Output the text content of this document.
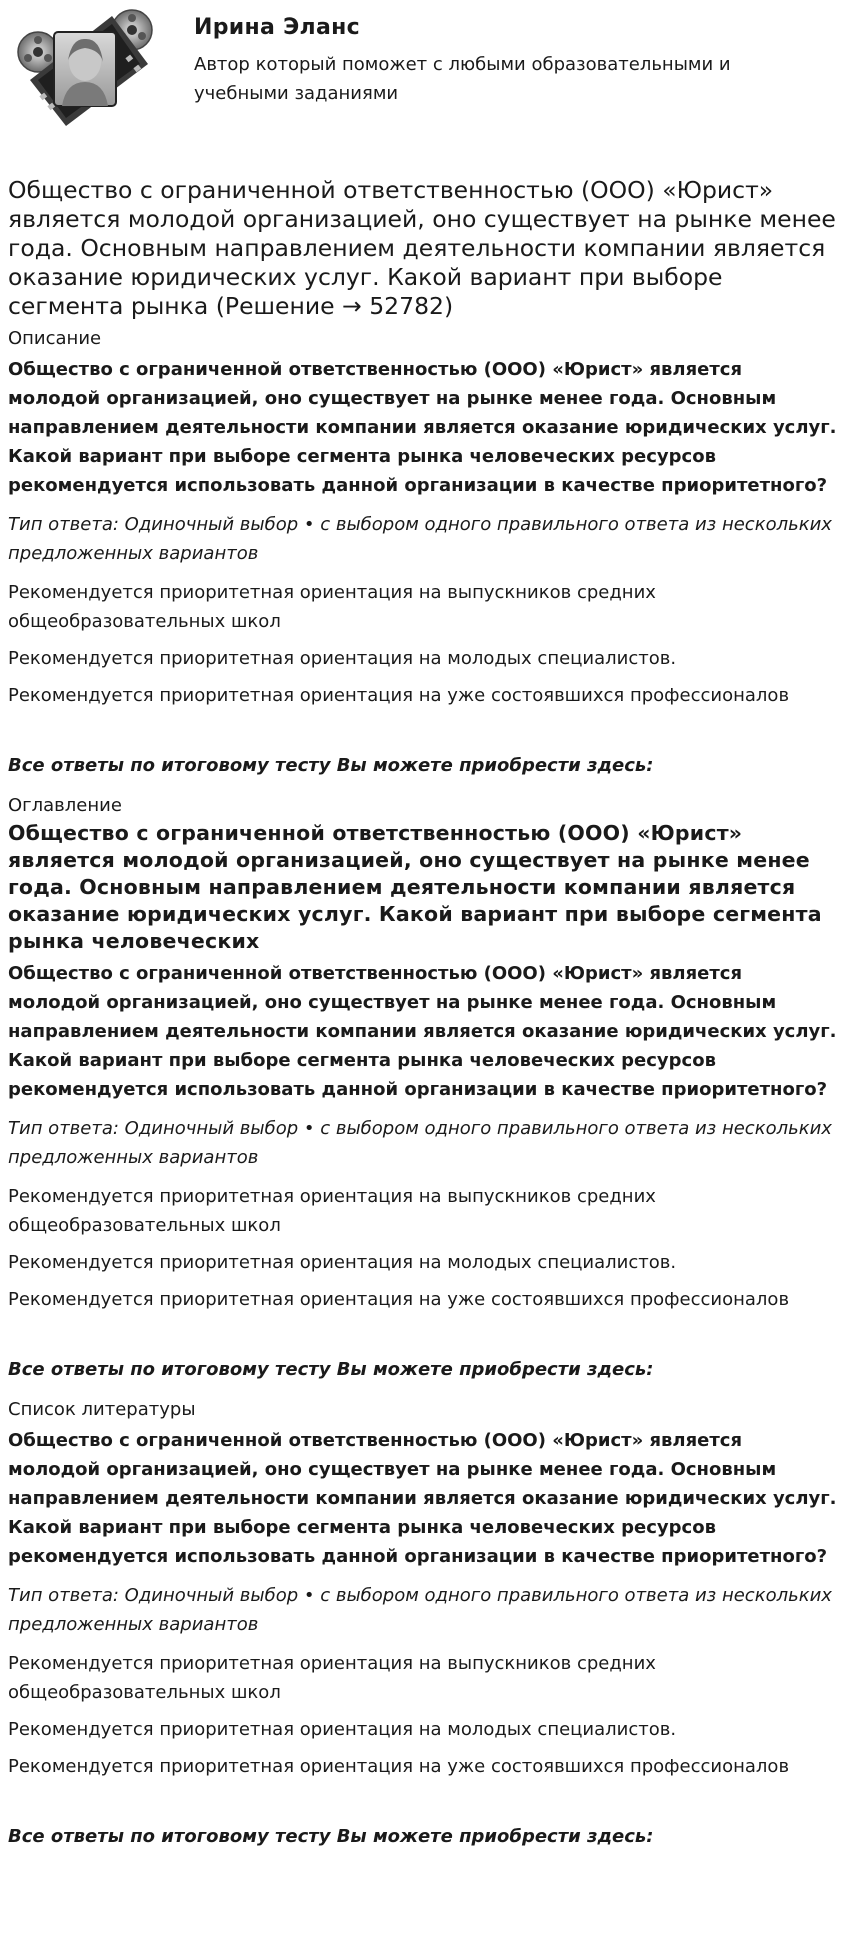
Ирина Эланс
Автор который поможет с любыми образовательными и учебными заданиями
Общество с ограниченной ответственностью (ООО) «Юрист» является молодой организацией, оно существует на рынке менее года. Основным направлением деятельности компании является оказание юридических услуг. Какой вариант при выборе сегмента рынка (Решение → 52782)
Описание
Общество с ограниченной ответственностью (ООО) «Юрист» является молодой организацией, оно существует на рынке менее года. Основным направлением деятельности компании является оказание юридических услуг. Какой вариант при выборе сегмента рынка человеческих ресурсов рекомендуется использовать данной организации в качестве приоритетного?
Тип ответа: Одиночный выбор • с выбором одного правильного ответа из нескольких предложенных вариантов
Рекомендуется приоритетная ориентация на выпускников средних общеобразовательных школ
Рекомендуется приоритетная ориентация на молодых специалистов.
Рекомендуется приоритетная ориентация на уже состоявшихся профессионалов
Все ответы по итоговому тесту Вы можете приобрести здесь:
Оглавление
Общество с ограниченной ответственностью (ООО) «Юрист» является молодой организацией, оно существует на рынке менее года. Основным направлением деятельности компании является оказание юридических услуг. Какой вариант при выборе сегмента рынка человеческих
Общество с ограниченной ответственностью (ООО) «Юрист» является молодой организацией, оно существует на рынке менее года. Основным направлением деятельности компании является оказание юридических услуг. Какой вариант при выборе сегмента рынка человеческих ресурсов рекомендуется использовать данной организации в качестве приоритетного?
Тип ответа: Одиночный выбор • с выбором одного правильного ответа из нескольких предложенных вариантов
Рекомендуется приоритетная ориентация на выпускников средних общеобразовательных школ
Рекомендуется приоритетная ориентация на молодых специалистов.
Рекомендуется приоритетная ориентация на уже состоявшихся профессионалов
Все ответы по итоговому тесту Вы можете приобрести здесь:
Список литературы
Общество с ограниченной ответственностью (ООО) «Юрист» является молодой организацией, оно существует на рынке менее года. Основным направлением деятельности компании является оказание юридических услуг. Какой вариант при выборе сегмента рынка человеческих ресурсов рекомендуется использовать данной организации в качестве приоритетного?
Тип ответа: Одиночный выбор • с выбором одного правильного ответа из нескольких предложенных вариантов
Рекомендуется приоритетная ориентация на выпускников средних общеобразовательных школ
Рекомендуется приоритетная ориентация на молодых специалистов.
Рекомендуется приоритетная ориентация на уже состоявшихся профессионалов
Все ответы по итоговому тесту Вы можете приобрести здесь:
